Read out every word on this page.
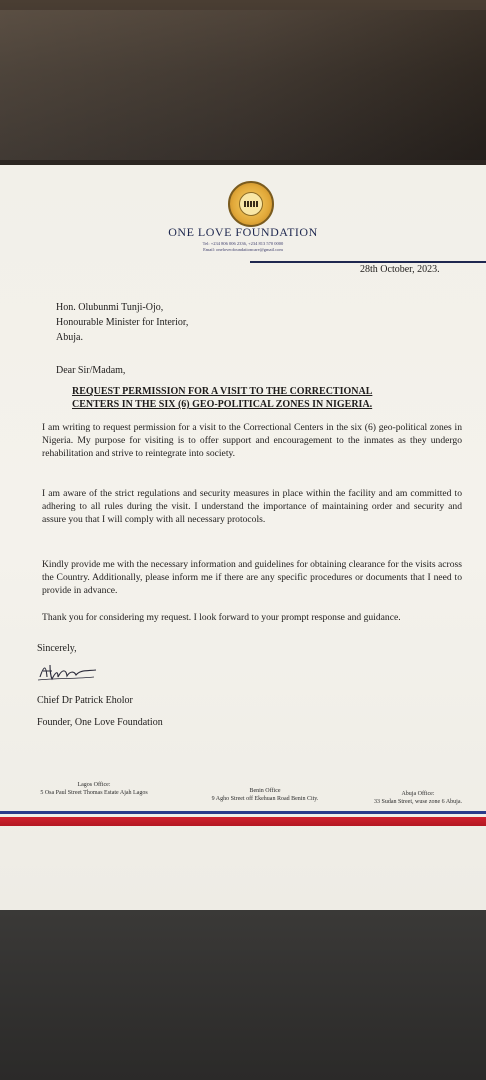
ONE LOVE FOUNDATION
Tel: +234 806 006 2336, +234 813 570 0000
Email: oneloveofoundationcare@gmail.com
28th October, 2023.
Hon. Olubunmi Tunji-Ojo,
Honourable Minister for Interior,
Abuja.
Dear Sir/Madam,
REQUEST PERMISSION FOR A VISIT TO THE CORRECTIONAL
CENTERS IN THE SIX (6) GEO-POLITICAL ZONES IN NIGERIA.
I am writing to request permission for a visit to the Correctional Centers in the six (6) geo-political zones in Nigeria. My purpose for visiting is to offer support and encouragement to the inmates as they undergo rehabilitation and strive to reintegrate into society.
I am aware of the strict regulations and security measures in place within the facility and am committed to adhering to all rules during the visit. I understand the importance of maintaining order and security and assure you that I will comply with all necessary protocols.
Kindly provide me with the necessary information and guidelines for obtaining clearance for the visits across the Country. Additionally, please inform me if there are any specific procedures or documents that I need to provide in advance.
Thank you for considering my request. I look forward to your prompt response and guidance.
Sincerely,
Chief Dr Patrick Eholor
Founder, One Love Foundation
Lagos Office:
5 Osa Paul Street Thomas Estate Ajah Lagos	Benin Office
9 Agho Street off Ekehuan Road Benin City.
Abuja Office:
33 Sudan Street, wuse zone 6 Abuja.
